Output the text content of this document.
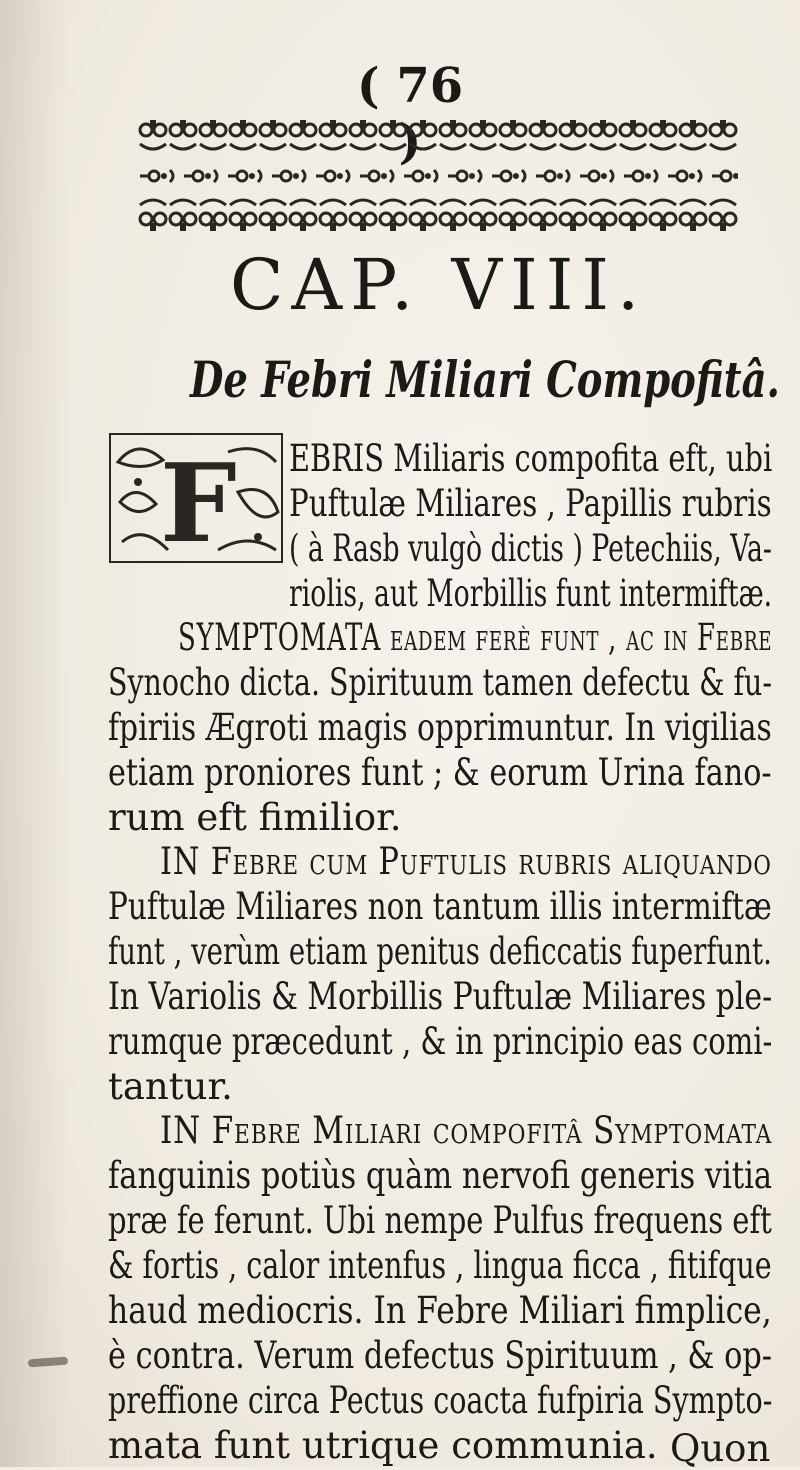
( 76
CAP. VIII.
De Febri Miliari Compofitâ.
F EBRIS Miliaris compofita eft, ubi
Puftulæ Miliares , Papillis rubris
( à Rasb vulgò dictis ) Petechiis, Va-
riolis, aut Morbillis funt intermiftæ.
SYMPTOMATA eadem ferè funt , ac in Febre
Synocho dicta. Spirituum tamen defectu & fu-
fpiriis Ægroti magis opprimuntur. In vigilias
etiam proniores funt ; & eorum Urina fano-
rum eft fimilior.
IN Febre cum Puftulis rubris aliquando
Puftulæ Miliares non tantum illis intermiftæ
funt , verùm etiam penitus deficcatis fuperfunt.
In Variolis & Morbillis Puftulæ Miliares ple-
rumque præcedunt , & in principio eas comi-
tantur.
IN Febre Miliari compofitâ Symptomata
fanguinis potiùs quàm nervofi generis vitia
præ fe ferunt. Ubi nempe Pulfus frequens eft
& fortis , calor intenfus , lingua ficca , fitifque
haud mediocris. In Febre Miliari fimplice,
è contra. Verum defectus Spirituum , & op-
preffione circa Pectus coacta fufpiria Sympto-
mata funt utrique communia. Quon
